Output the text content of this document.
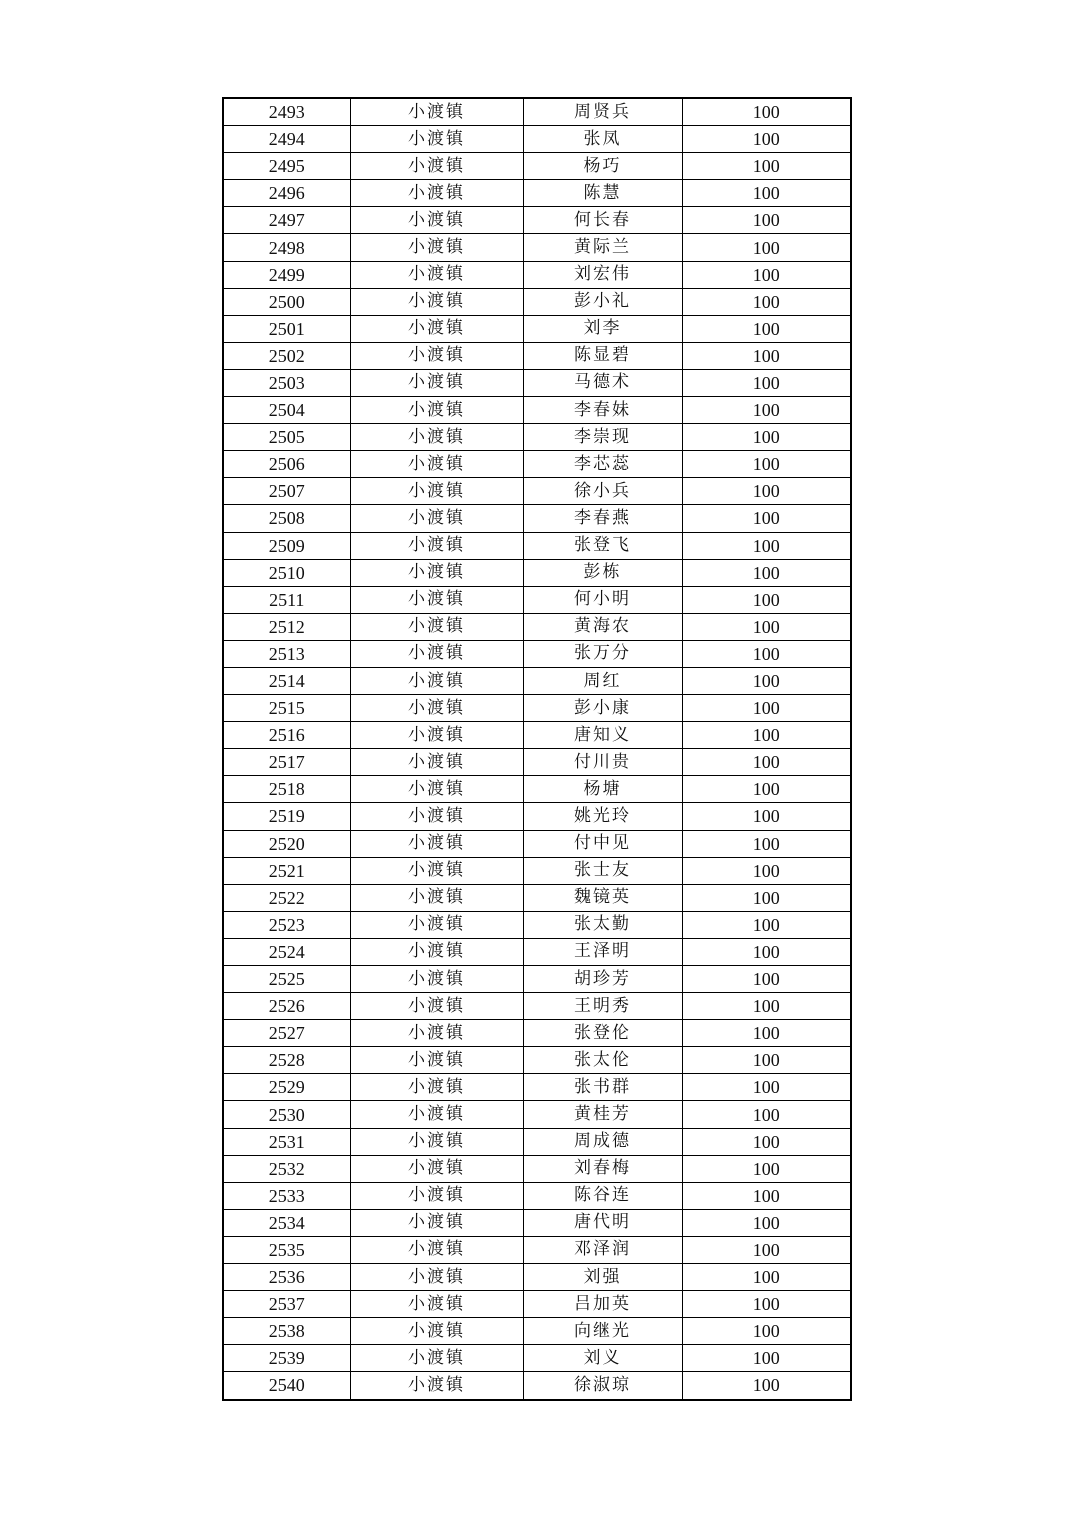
2493	小渡镇	周贤兵	100
2494	小渡镇	张凤	100
2495	小渡镇	杨巧	100
2496	小渡镇	陈慧	100
2497	小渡镇	何长春	100
2498	小渡镇	黄际兰	100
2499	小渡镇	刘宏伟	100
2500	小渡镇	彭小礼	100
2501	小渡镇	刘李	100
2502	小渡镇	陈显碧	100
2503	小渡镇	马德术	100
2504	小渡镇	李春妹	100
2505	小渡镇	李崇现	100
2506	小渡镇	李芯蕊	100
2507	小渡镇	徐小兵	100
2508	小渡镇	李春燕	100
2509	小渡镇	张登飞	100
2510	小渡镇	彭栋	100
2511	小渡镇	何小明	100
2512	小渡镇	黄海农	100
2513	小渡镇	张万分	100
2514	小渡镇	周红	100
2515	小渡镇	彭小康	100
2516	小渡镇	唐知义	100
2517	小渡镇	付川贵	100
2518	小渡镇	杨塘	100
2519	小渡镇	姚光玲	100
2520	小渡镇	付中见	100
2521	小渡镇	张士友	100
2522	小渡镇	魏镜英	100
2523	小渡镇	张太勤	100
2524	小渡镇	王泽明	100
2525	小渡镇	胡珍芳	100
2526	小渡镇	王明秀	100
2527	小渡镇	张登伦	100
2528	小渡镇	张太伦	100
2529	小渡镇	张书群	100
2530	小渡镇	黄桂芳	100
2531	小渡镇	周成德	100
2532	小渡镇	刘春梅	100
2533	小渡镇	陈谷连	100
2534	小渡镇	唐代明	100
2535	小渡镇	邓泽润	100
2536	小渡镇	刘强	100
2537	小渡镇	吕加英	100
2538	小渡镇	向继光	100
2539	小渡镇	刘义	100
2540	小渡镇	徐淑琼	100
